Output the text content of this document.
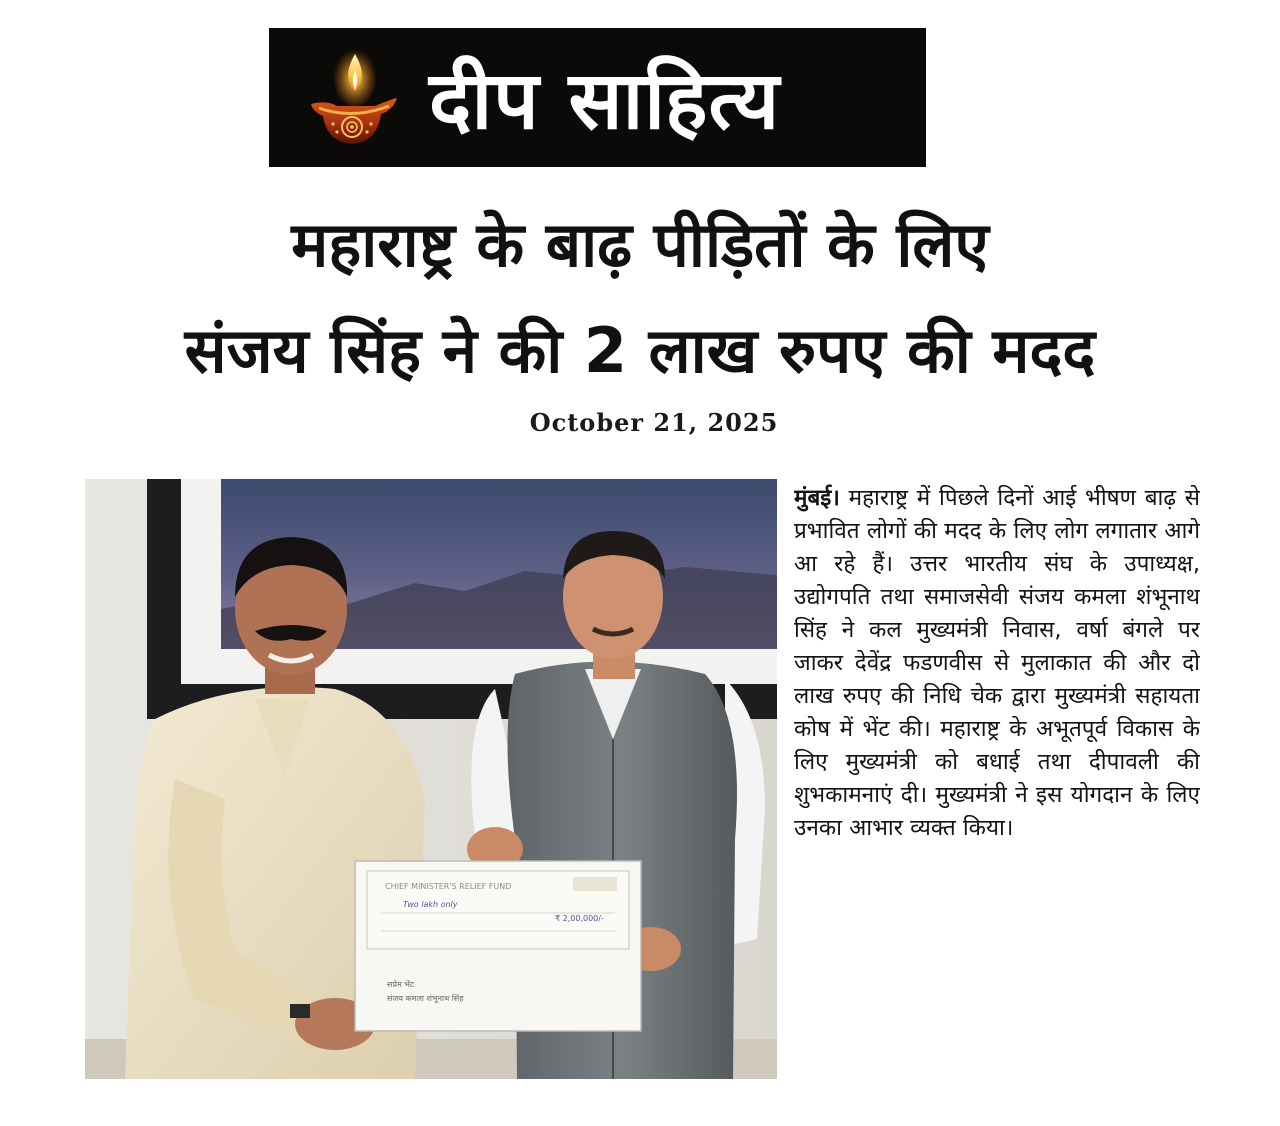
दीप साहित्य
महाराष्ट्र के बाढ़ पीड़ितों के लिए
संजय सिंह ने की 2 लाख रुपए की मदद
October 21, 2025
CHIEF MINISTER'S RELIEF FUND
Two lakh only
₹ 2,00,000/-
सप्रेम भेंट
संजय कमला शंभूनाथ सिंह
मुंबई। महाराष्ट्र में पिछले दिनों आई भीषण बाढ़ से प्रभावित लोगों की मदद के लिए लोग लगातार आगे आ रहे हैं। उत्तर भारतीय संघ के उपाध्यक्ष, उद्योगपति तथा समाजसेवी संजय कमला शंभूनाथ सिंह ने कल मुख्यमंत्री निवास, वर्षा बंगले पर जाकर देवेंद्र फडणवीस से मुलाकात की और दो लाख रुपए की निधि चेक द्वारा मुख्यमंत्री सहायता कोष में भेंट की। महाराष्ट्र के अभूतपूर्व विकास के लिए मुख्यमंत्री को बधाई तथा दीपावली की शुभकामनाएं दी। मुख्यमंत्री ने इस योगदान के लिए उनका आभार व्यक्त किया।
